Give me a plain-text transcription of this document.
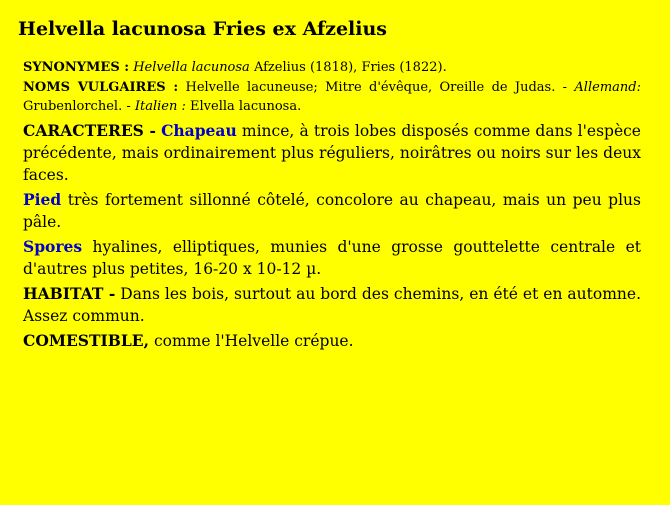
Helvella lacunosa Fries ex Afzelius

SYNONYMES : Helvella lacunosa Afzelius (1818), Fries (1822).

NOMS VULGAIRES : Helvelle lacuneuse; Mitre d'évêque, Oreille de Judas. - Allemand: Grubenlorchel. - Italien : Elvella lacunosa.

CARACTERES - Chapeau mince, à trois lobes disposés comme dans l'espèce précédente, mais ordinairement plus réguliers, noirâtres ou noirs sur les deux faces.

Pied très fortement sillonné côtelé, concolore au chapeau, mais un peu plus pâle.

Spores hyalines, elliptiques, munies d'une grosse gouttelette centrale et d'autres plus petites, 16-20 x 10-12 µ.

HABITAT - Dans les bois, surtout au bord des chemins, en été et en automne. Assez commun.

COMESTIBLE, comme l'Helvelle crépue.
